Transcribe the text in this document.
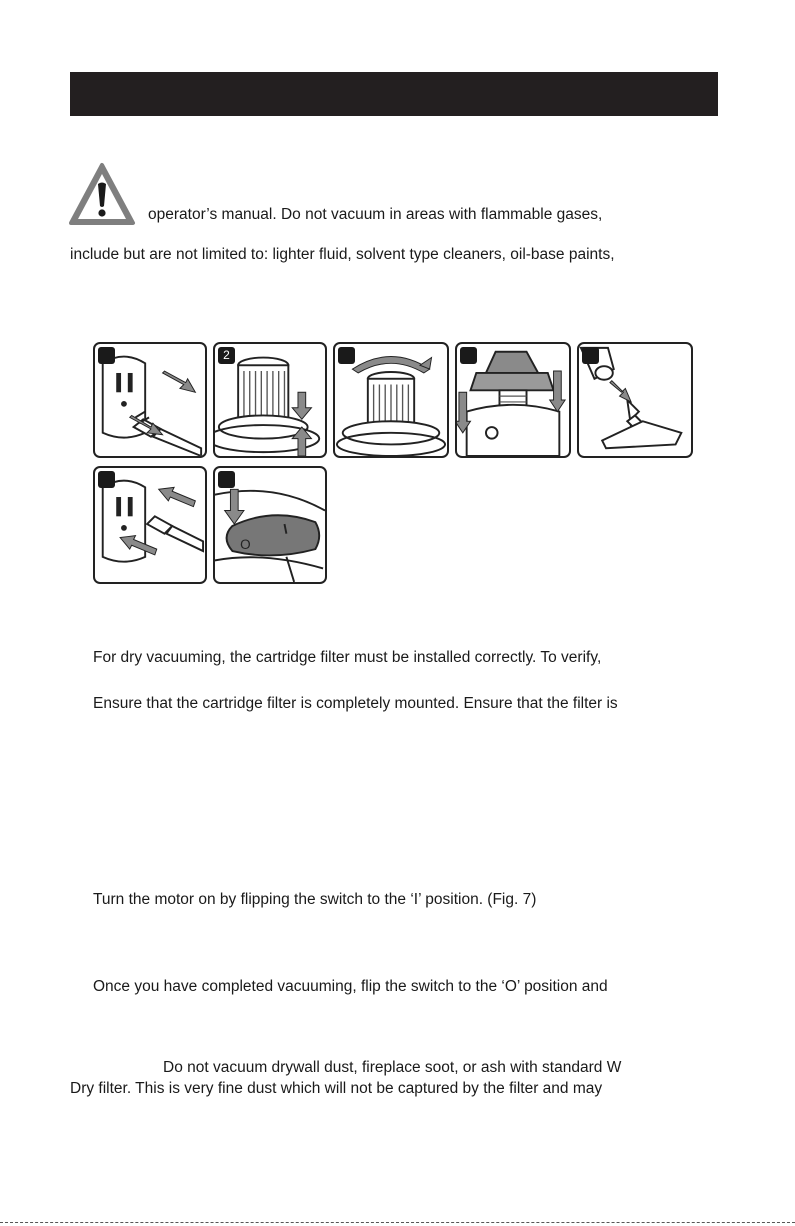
operator’s manual. Do not vacuum in areas with flammable gases,
include but are not limited to: lighter fluid, solvent type cleaners, oil-base paints,
2
O
For dry vacuuming, the cartridge filter must be installed correctly. To verify,
Ensure that the cartridge filter is completely mounted. Ensure that the filter is
Turn the motor on by flipping the switch to the ‘I’ position. (Fig. 7)
Once you have completed vacuuming, flip the switch to the ‘O’ position and
Do not vacuum drywall dust, fireplace soot, or ash with standard W
Dry filter. This is very fine dust which will not be captured by the filter and may
